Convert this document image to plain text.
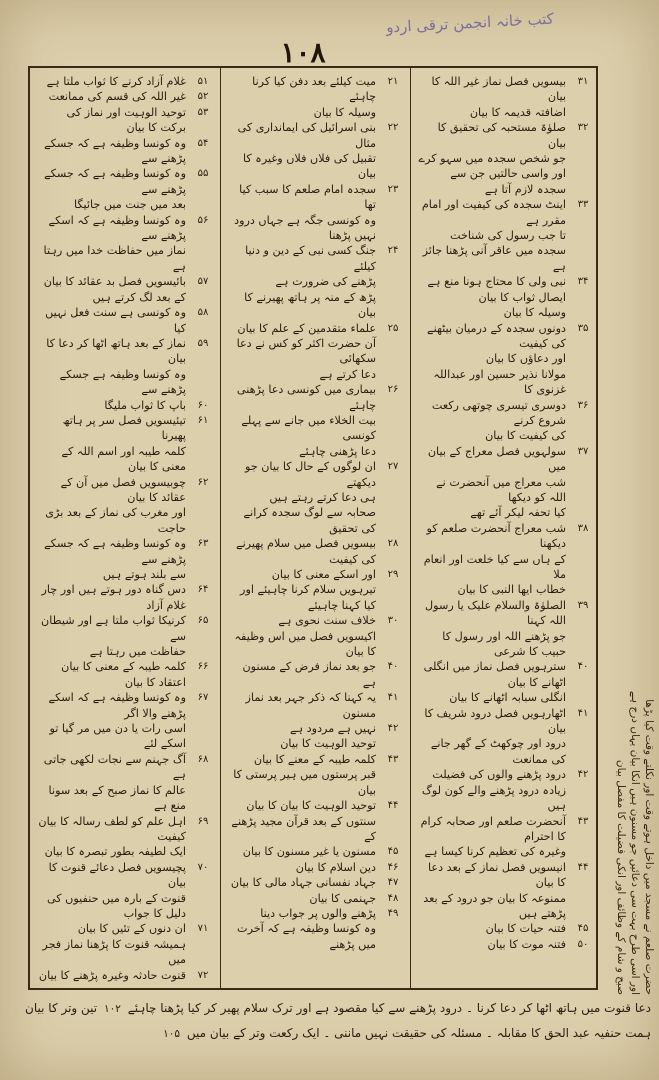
کتب خانہ انجمن ترقی اردو
۱۰۸
۵۱
غلام آزاد کرنے کا ثواب ملتا ہے
۵۲
غیر اللہ کی قسم کی ممانعت
۵۳
توحید الوہیت اور نماز کی برکت کا بیان
۵۴
وہ کونسا وظیفہ ہے کہ جسکے پڑھنے سے
۵۵
وہ کونسا وظیفہ ہے کہ جسکے پڑھنے سے
بعد میں جنت میں جائیگا
۵۶
وہ کونسا وظیفہ ہے کہ اسکے پڑھنے سے
نماز میں حفاظت خدا میں رہتا ہے
۵۷
بائیسویں فصل بد عقائد کا بیان
کے بعد لگ کرتے ہیں
۵۸
وہ کونسی ہے سنت فعل نہیں کیا
۵۹
نماز کے بعد ہاتھ اٹھا کر دعا کا بیان
وہ کونسا وظیفہ ہے جسکے پڑھنے سے
۶۰
باپ کا ثواب ملیگا
۶۱
تیئیسویں فصل سر پر ہاتھ پھیرنا
کلمہ طیبہ اور اسم اللہ کے معنی کا بیان
۶۲
چوبیسویں فصل میں آن کے عقائد کا بیان
اور مغرب کی نماز کے بعد بڑی حاجت
۶۳
وہ کونسا وظیفہ ہے کہ جسکے پڑھنے سے
سے بلند ہوتے ہیں
۶۴
دس گناہ دور ہوتے ہیں اور چار غلام آزاد
۶۵
کرنیکا ثواب ملتا ہے اور شیطان سے
حفاظت میں رہتا ہے
۶۶
کلمہ طیبہ کے معنی کا بیان
اعتقاد کا بیان
۶۷
وہ کونسا وظیفہ ہے کہ اسکے پڑھنے والا اگر
اسی رات یا دن میں مر گیا تو اسکے لئے
۶۸
آگ جہنم سے نجات لکھی جاتی ہے
عالم کا نماز صبح کے بعد سونا منع ہے
۶۹
اہل علم کو لطف رسالہ کا بیان کیفیت
ایک لطیفہ بطور تبصرہ کا بیان
۷۰
پچیسویں فصل دعائے قنوت کا بیان
قنوت کے بارہ میں حنفیوں کی دلیل کا جواب
۷۱
ان دنوں کے تئیں کا بیان
ہمیشہ قنوت کا پڑھنا نماز فجر میں
۷۲
قنوت حادثہ وغیرہ پڑھنے کا بیان
۲۱
میت کیلئے بعد دفن کیا کرنا چاہئے
وسیلہ کا بیان
۲۲
بنی اسرائیل کی ایمانداری کی مثال
تقبیل کی فلاں فلاں وغیرہ کا بیان
۲۳
سجدہ امام صلعم کا سبب کیا تھا
وہ کونسی جگہ ہے جہاں درود نہیں پڑھنا
۲۴
جنگ کسی نبی کے دین و دنیا کیلئے
پڑھنے کی ضرورت ہے
پڑھ کے منہ پر ہاتھ پھیرنے کا بیان
۲۵
علماء متقدمین کے علم کا بیان
آن حضرت اکثر کو کس نے دعا سکھائی
دعا کرتے ہے
۲۶
بیماری میں کونسی دعا پڑھنی چاہئے
بیت الخلاء میں جانے سے پہلے کونسی
دعا پڑھنی چاہئے
۲۷
ان لوگوں کے حال کا بیان جو دیکھتے
ہی دعا کرتے رہتے ہیں
صحابہ سے لوگ سجدہ کرانے کی تحقیق
۲۸
بیسویں فصل میں سلام پھیرنے کی کیفیت
۲۹
اور اسکے معنی کا بیان
تیرہویں سلام کرنا چاہیئے اور کیا کہنا چاہیئے
۳۰
خلاف سنت نحوی ہے
اکیسویں فصل میں اس وظیفہ کا بیان
۴۰
جو بعد نماز فرض کے مسنون ہے
۴۱
یہ کہنا کہ ذکر جہر بعد نماز مسنون
۴۲
نہیں ہے مردود ہے
توحید الوہیت کا بیان
۴۳
کلمہ طیبہ کے معنے کا بیان
قبر پرستوں میں ہیر پرستی کا بیان
۴۴
توحید الوہیت کا بیان کا بیان
سنتوں کے بعد قرآن مجید پڑھنے کے
۴۵
مسنون یا غیر مسنون کا بیان
۴۶
دین اسلام کا بیان
۴۷
جہاد نفسانی جہاد مالی کا بیان
۴۸
جہنمی کا بیان
۴۹
پڑھنے والوں پر جواب دینا
وہ کونسا وظیفہ ہے کہ آخرت میں پڑھنے
۳۱
بیسویں فصل نماز غیر اللہ کا بیان
اضافتہ قدیمہ کا بیان
۳۲
صلوٰۃ مستحبہ کی تحقیق کا بیان
جو شخص سجدہ میں سہو کرے
اور واسی حالتیں جن سے سجدہ لازم آتا ہے
۳۳
اینٹ سجدہ کی کیفیت اور امام مقرر ہے
تا جب رسول کی شناخت
سجدہ میں عاقر آنی پڑھنا جائز ہے
۳۴
نبی ولی کا محتاج ہونا منع ہے
ایصال ثواب کا بیان
وسیلہ کا بیان
۳۵
دونوں سجدہ کے درمیان بیٹھنے کی کیفیت
اور دعاؤں کا بیان
مولانا نذیر حسین اور عبداللہ غزنوی کا
۳۶
دوسری تیسری چوتھی رکعت شروع کرنے
کی کیفیت کا بیان
۳۷
سولہویں فصل معراج کے بیان میں
شب معراج میں آنحضرت نے اللہ کو دیکھا
کیا تحفہ لیکر آئے تھے
۳۸
شب معراج آنحضرت صلعم کو دیکھنا
کے ہاں سے کیا خلعت اور انعام ملا
خطاب ایھا النبی کا بیان
۳۹
الصلوٰۃ والسلام علیک یا رسول اللہ کہنا
جو پڑھنے اللہ اور رسول کا حبیب کا شرعی
۴۰
سترہویں فصل نماز میں انگلی اٹھانے کا بیان
انگلی سبابہ اٹھانے کا بیان
۴۱
اٹھارہویں فصل درود شریف کا بیان
درود اور چوکھٹ کے گھر جانے کی ممانعت
۴۲
درود پڑھنے والوں کی فضیلت
زیادہ درود پڑھنے والے کون لوگ ہیں
۴۳
آنحضرت صلعم اور صحابہ کرام کا احترام
وغیرہ کی تعظیم کرنا کیسا ہے
۴۴
انیسویں فصل نماز کے بعد دعا کا بیان
ممنوعہ کا بیان جو درود کے بعد پڑھتے ہیں
۴۵
فتنہ حیات کا بیان
۵۰
فتنہ موت کا بیان	حضرت صلعم نے مسجد میں داخل ہوتے وقت اور نکلتے وقت کیا پڑھا
اور اسی طرح بہت سی دعائیں جو مسنون ہیں انکا بیان یہاں درج ہے
صبح و شام کے وظائف اور انکی فضیلت کا مفصل بیان
دعا قنوت میں ہاتھ اٹھا کر دعا کرنا ۔ درود پڑھنے سے کیا مقصود ہے اور ترک سلام پھیر کر کیا پڑھنا چاہئے ۱۰۲ تین وتر کا بیان
ہمت حنفیہ عبد الحق کا مقابلہ ۔ مسئلہ کی حقیقت نہیں ماننی ۔ ایک رکعت وتر کے بیان میں ۱۰۵
